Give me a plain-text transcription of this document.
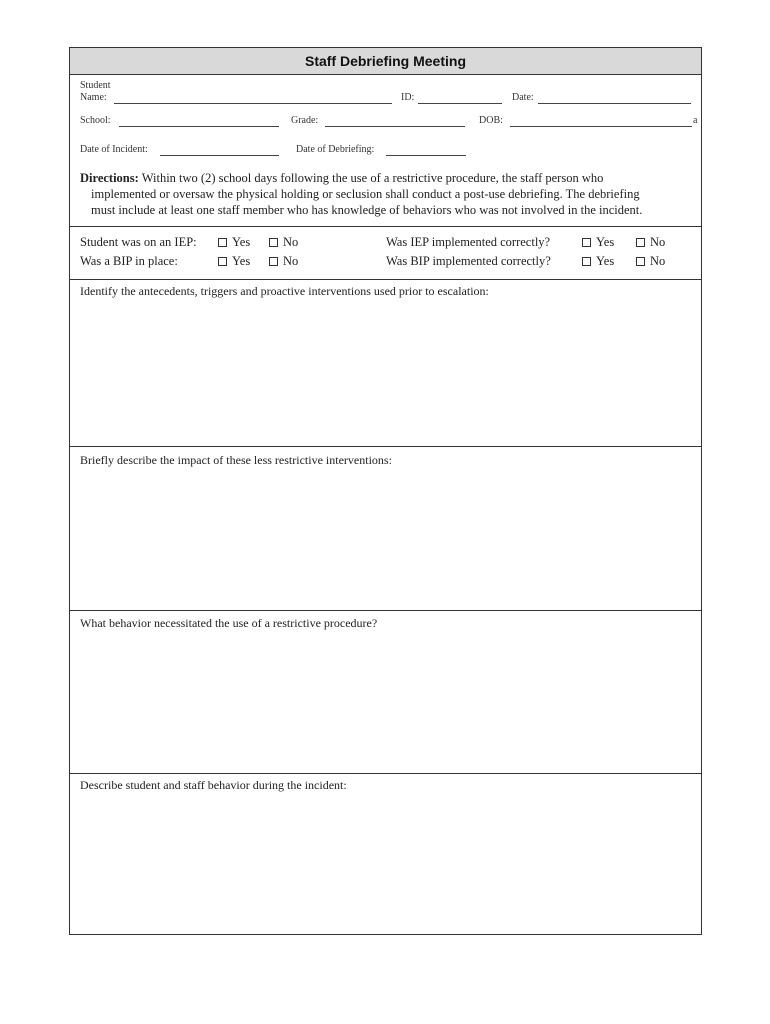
Staff Debriefing Meeting
Student
Name:	ID:	Date:
School:	Grade:	DOB:	a
Date of Incident:	Date of Debriefing:
Directions: Within two (2) school days following the use of a restrictive procedure, the staff person who
implemented or oversaw the physical holding or seclusion shall conduct a post-use debriefing. The debriefing
must include at least one staff member who has knowledge of behaviors who was not involved in the incident.
Student was on an IEP:	Yes	No	Was IEP implemented correctly?	Yes	No
Was a BIP in place:	Yes	No	Was BIP implemented correctly?	Yes	No
Identify the antecedents, triggers and proactive interventions used prior to escalation:
Briefly describe the impact of these less restrictive interventions:
What behavior necessitated the use of a restrictive procedure?
Describe student and staff behavior during the incident:
